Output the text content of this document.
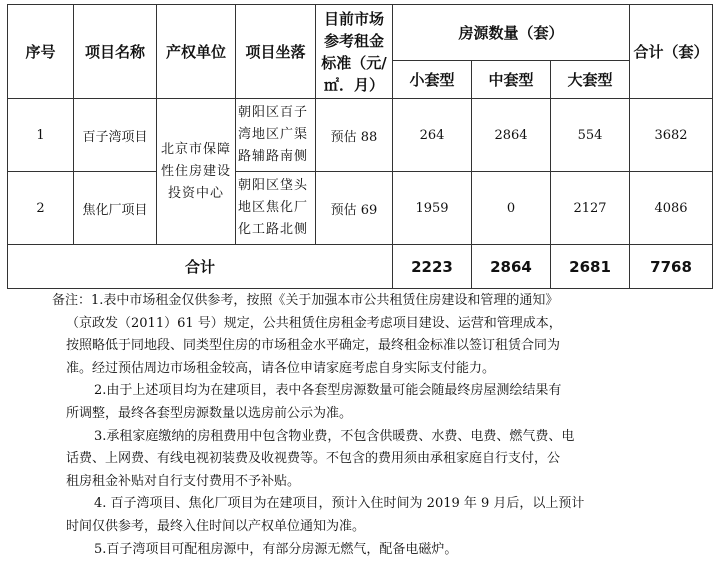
序号	项目名称	产权单位	项目坐落	目前市场参考租金标准（元/㎡．月）	房源数量（套）			合计（套）
					小套型	中套型	大套型	
1	百子湾项目	北京市保障性住房建设投资中心	朝阳区百子湾地区广渠路辅路南侧	预估 88	264	2864	554	3682
2	焦化厂项目		朝阳区垡头地区焦化厂化工路北侧	预估 69	1959	0	2127	4086
合计					2223	2864	2681	7768

备注：1.表中市场租金仅供参考，按照《关于加强本市公共租赁住房建设和管理的通知》

（京政发（2011）61 号）规定，公共租赁住房租金考虑项目建设、运营和管理成本，

按照略低于同地段、同类型住房的市场租金水平确定，最终租金标准以签订租赁合同为

准。经过预估周边市场租金较高，请各位申请家庭考虑自身实际支付能力。

2.由于上述项目均为在建项目，表中各套型房源数量可能会随最终房屋测绘结果有

所调整，最终各套型房源数量以选房前公示为准。

3.承租家庭缴纳的房租费用中包含物业费，不包含供暖费、水费、电费、燃气费、电

话费、上网费、有线电视初装费及收视费等。不包含的费用须由承租家庭自行支付，公

租房租金补贴对自行支付费用不予补贴。

4. 百子湾项目、焦化厂项目为在建项目，预计入住时间为 2019 年 9 月后，以上预计

时间仅供参考，最终入住时间以产权单位通知为准。

5.百子湾项目可配租房源中，有部分房源无燃气，配备电磁炉。
